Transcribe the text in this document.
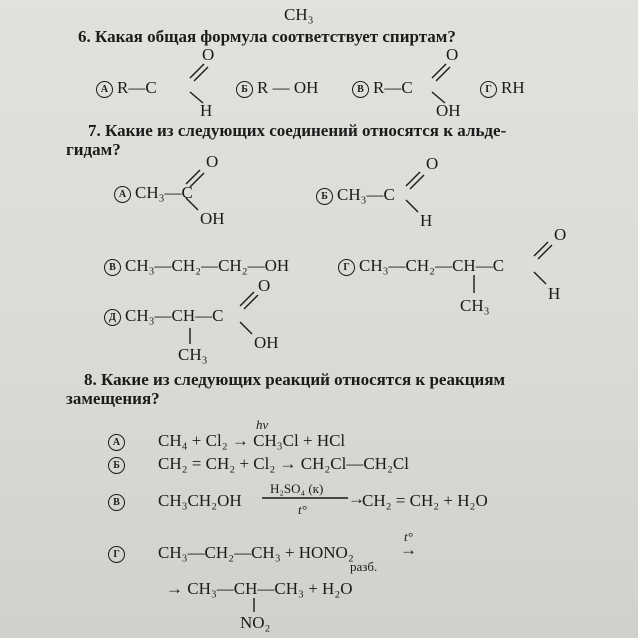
CH₃
6. Какая общая формула соответствует спиртам?
А R—C
O
H
Б R — OH	В R—C
O
OH
Г RH
7. Какие из следующих соединений относятся к альде-
гидам?
А CH₃—C
O
OH
Б CH₃—C
O
H
В CH₃—CH₂—CH₂—OH	Г CH₃—CH₂—CH—C
O
H
CH₃
Д CH₃—CH—C
O
OH
CH₃
8. Какие из следующих реакций относятся к реакциям
замещения?
А	CH₄ + Cl₂ → CH₃Cl + HCl
hν
Б	CH₂ = CH₂ + Cl₂ → CH₂Cl—CH₂Cl
В	CH₃CH₂OH
H₂SO₄ (к)
t°
→
CH₂ = CH₂ + H₂O
Г	CH₃—CH₂—CH₃ + HONO₂	→
t°
разб.
→ CH₃—CH—CH₃ + H₂O
NO₂
